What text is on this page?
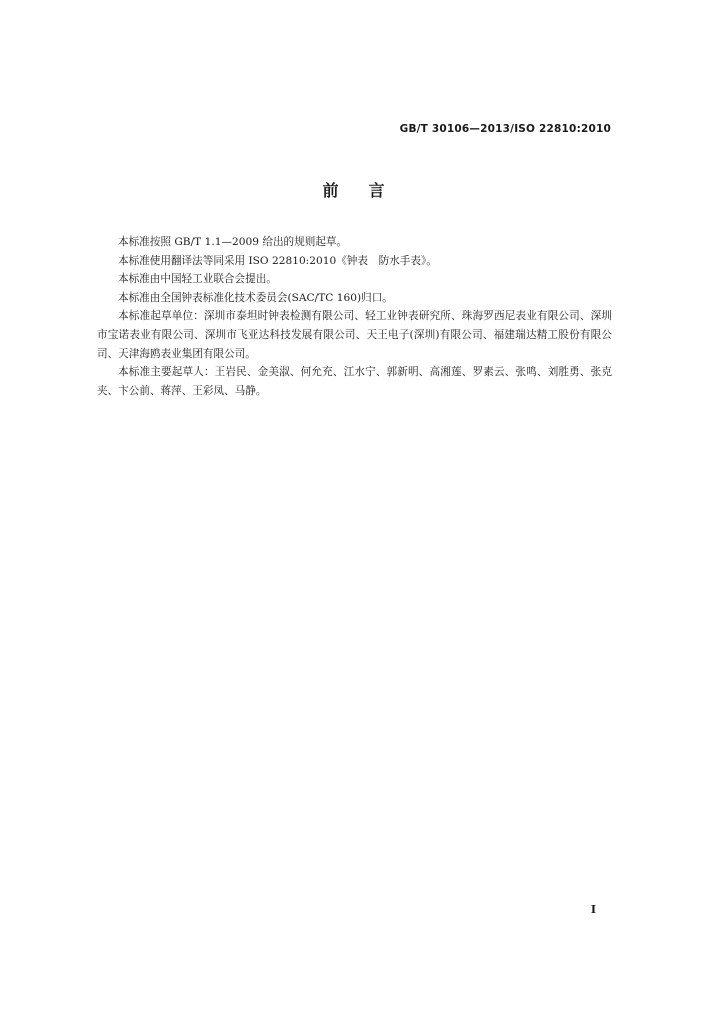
GB/T 30106—2013/ISO 22810:2010
前言

本标准按照 GB/T 1.1—2009 给出的规则起草。

本标准使用翻译法等同采用 ISO 22810:2010《钟表　防水手表》。

本标准由中国轻工业联合会提出。

本标准由全国钟表标准化技术委员会(SAC/TC 160)归口。

本标准起草单位：深圳市泰坦时钟表检测有限公司、轻工业钟表研究所、珠海罗西尼表业有限公司、深圳市宝诺表业有限公司、深圳市飞亚达科技发展有限公司、天王电子(深圳)有限公司、福建瑞达精工股份有限公司、天津海鸥表业集团有限公司。

本标准主要起草人：王岩民、金美淑、何允充、江水宁、郭新明、高湘莲、罗素云、张鸣、刘胜勇、张克夹、卞公前、蒋萍、王彩凤、马静。

I
